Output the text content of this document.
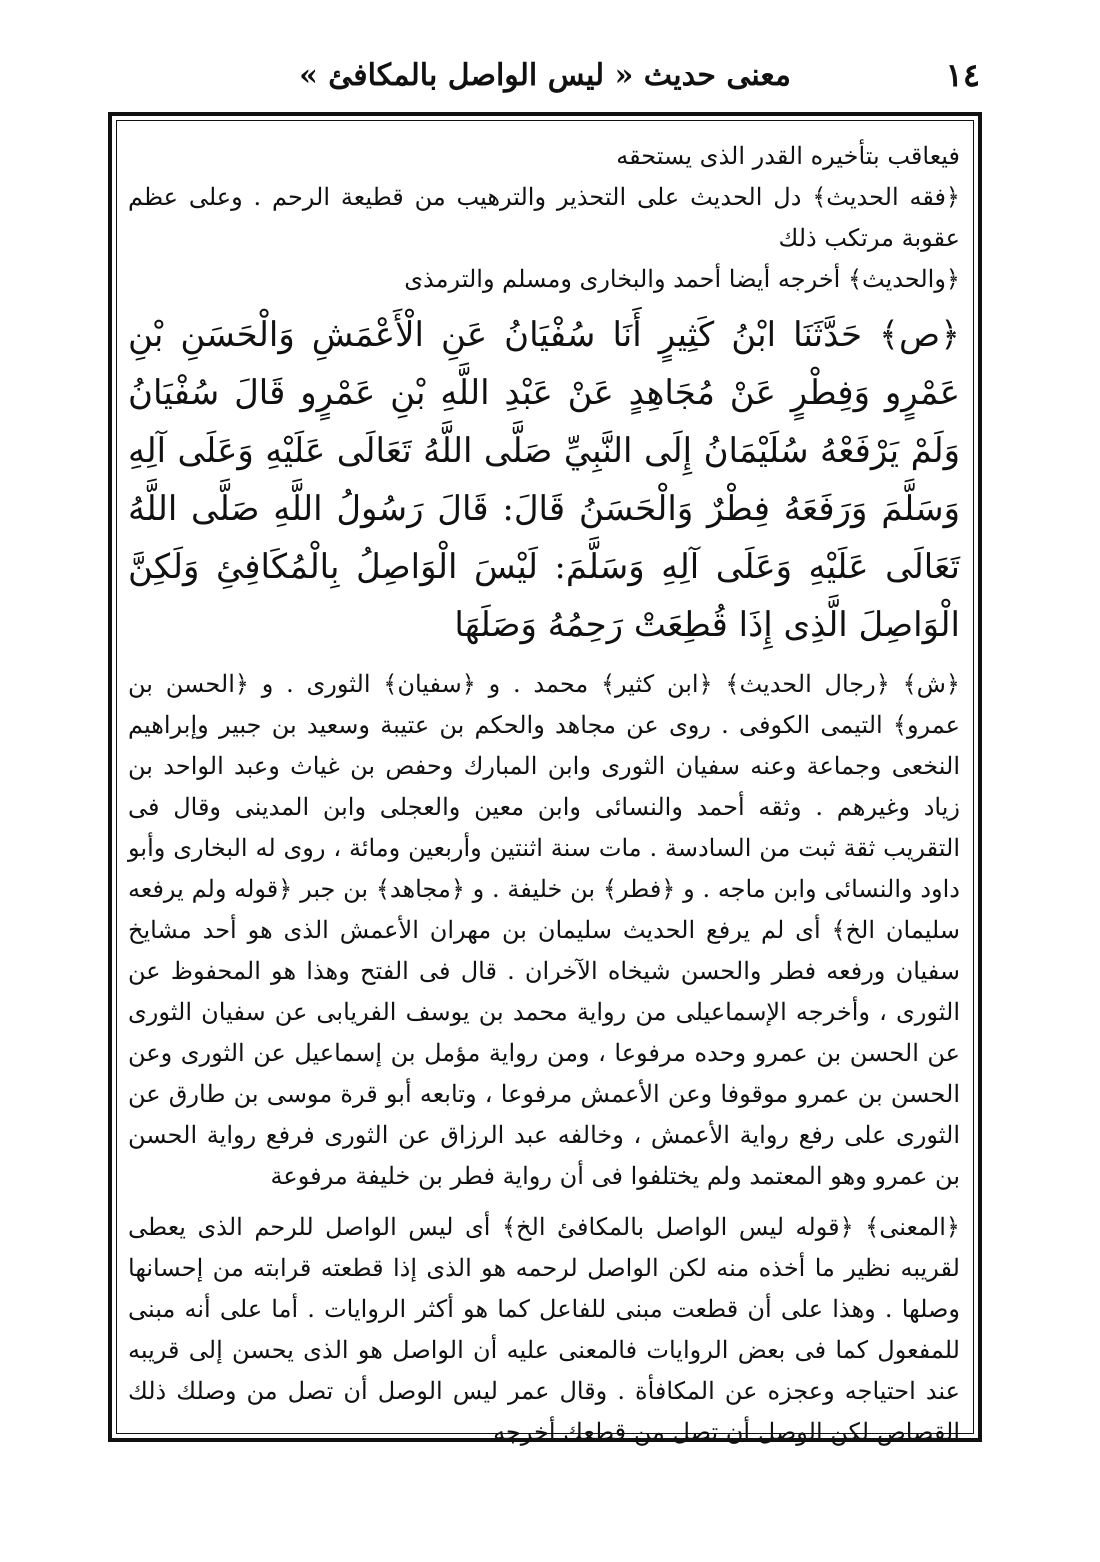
١٤
معنى حديث « ليس الواصل بالمكافئ »

فيعاقب بتأخيره القدر الذى يستحقه

﴿فقه الحديث﴾ دل الحديث على التحذير والترهيب من قطيعة الرحم . وعلى عظم عقوبة مرتكب ذلك

﴿والحديث﴾ أخرجه أيضا أحمد والبخارى ومسلم والترمذى

﴿ص﴾ حَدَّثَنَا ابْنُ كَثِيرٍ أَنَا سُفْيَانُ عَنِ الْأَعْمَشِ وَالْحَسَنِ بْنِ عَمْرٍو وَفِطْرٍ عَنْ مُجَاهِدٍ عَنْ عَبْدِ اللَّهِ بْنِ عَمْرٍو قَالَ سُفْيَانُ وَلَمْ يَرْفَعْهُ سُلَيْمَانُ إِلَى النَّبِيِّ صَلَّى اللَّهُ تَعَالَى عَلَيْهِ وَعَلَى آلِهِ وَسَلَّمَ وَرَفَعَهُ فِطْرٌ وَالْحَسَنُ قَالَ: قَالَ رَسُولُ اللَّهِ صَلَّى اللَّهُ تَعَالَى عَلَيْهِ وَعَلَى آلِهِ وَسَلَّمَ: لَيْسَ الْوَاصِلُ بِالْمُكَافِئِ وَلَكِنَّ الْوَاصِلَ الَّذِى إِذَا قُطِعَتْ رَحِمُهُ وَصَلَهَا

﴿ش﴾ ﴿رجال الحديث﴾ ﴿ابن كثير﴾ محمد . و ﴿سفيان﴾ الثورى . و ﴿الحسن بن عمرو﴾ التيمى الكوفى . روى عن مجاهد والحكم بن عتيبة وسعيد بن جبير وإبراهيم النخعى وجماعة وعنه سفيان الثورى وابن المبارك وحفص بن غياث وعبد الواحد بن زياد وغيرهم . وثقه أحمد والنسائى وابن معين والعجلى وابن المدينى وقال فى التقريب ثقة ثبت من السادسة . مات سنة اثنتين وأربعين ومائة ، روى له البخارى وأبو داود والنسائى وابن ماجه . و ﴿فطر﴾ بن خليفة . و ﴿مجاهد﴾ بن جبر ﴿قوله ولم يرفعه سليمان الخ﴾ أى لم يرفع الحديث سليمان بن مهران الأعمش الذى هو أحد مشايخ سفيان ورفعه فطر والحسن شيخاه الآخران . قال فى الفتح وهذا هو المحفوظ عن الثورى ، وأخرجه الإسماعيلى من رواية محمد بن يوسف الفريابى عن سفيان الثورى عن الحسن بن عمرو وحده مرفوعا ، ومن رواية مؤمل بن إسماعيل عن الثورى وعن الحسن بن عمرو موقوفا وعن الأعمش مرفوعا ، وتابعه أبو قرة موسى بن طارق عن الثورى على رفع رواية الأعمش ، وخالفه عبد الرزاق عن الثورى فرفع رواية الحسن بن عمرو وهو المعتمد ولم يختلفوا فى أن رواية فطر بن خليفة مرفوعة

﴿المعنى﴾ ﴿قوله ليس الواصل بالمكافئ الخ﴾ أى ليس الواصل للرحم الذى يعطى لقريبه نظير ما أخذه منه لكن الواصل لرحمه هو الذى إذا قطعته قرابته من إحسانها وصلها . وهذا على أن قطعت مبنى للفاعل كما هو أكثر الروايات . أما على أنه مبنى للمفعول كما فى بعض الروايات فالمعنى عليه أن الواصل هو الذى يحسن إلى قريبه عند احتياجه وعجزه عن المكافأة . وقال عمر ليس الوصل أن تصل من وصلك ذلك القصاص لكن الوصل أن تصل من قطعك أخرجه
